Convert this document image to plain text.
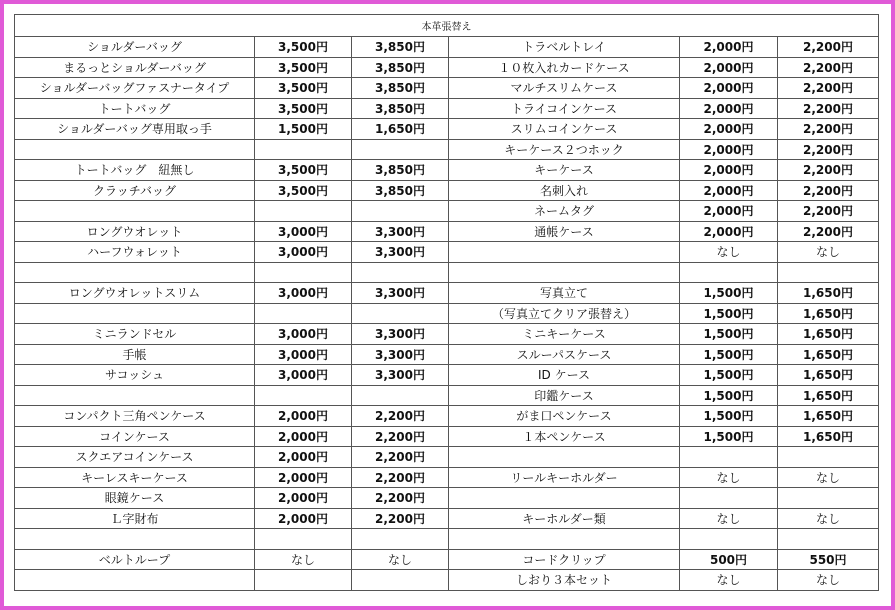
本革張替え					
ショルダーバッグ	3,500円	3,850円	トラベルトレイ	2,000円	2,200円
まるっとショルダーバッグ	3,500円	3,850円	１０枚入れカードケース	2,000円	2,200円
ショルダーバッグファスナータイプ	3,500円	3,850円	マルチスリムケース	2,000円	2,200円
トートバッグ	3,500円	3,850円	トライコインケース	2,000円	2,200円
ショルダーバッグ専用取っ手	1,500円	1,650円	スリムコインケース	2,000円	2,200円
			キーケース２つホック	2,000円	2,200円
トートバッグ　紐無し	3,500円	3,850円	キーケース	2,000円	2,200円
クラッチバッグ	3,500円	3,850円	名刺入れ	2,000円	2,200円
			ネームタグ	2,000円	2,200円
ロングウオレット	3,000円	3,300円	通帳ケース	2,000円	2,200円
ハーフウォレット	3,000円	3,300円		なし	なし

ロングウオレットスリム	3,000円	3,300円	写真立て	1,500円	1,650円
			（写真立てクリア張替え）	1,500円	1,650円
ミニランドセル	3,000円	3,300円	ミニキーケース	1,500円	1,650円
手帳	3,000円	3,300円	スルーパスケース	1,500円	1,650円
サコッシュ	3,000円	3,300円	ID ケース	1,500円	1,650円
			印鑑ケース	1,500円	1,650円
コンパクト三角ペンケース	2,000円	2,200円	がま口ペンケース	1,500円	1,650円
コインケース	2,000円	2,200円	１本ペンケース	1,500円	1,650円
スクエアコインケース	2,000円	2,200円			
キーレスキーケース	2,000円	2,200円	リールキーホルダー	なし	なし
眼鏡ケース	2,000円	2,200円			
Ｌ字財布	2,000円	2,200円	キーホルダー類	なし	なし

ベルトループ	なし	なし	コードクリップ	500円	550円
			しおり３本セット	なし	なし
